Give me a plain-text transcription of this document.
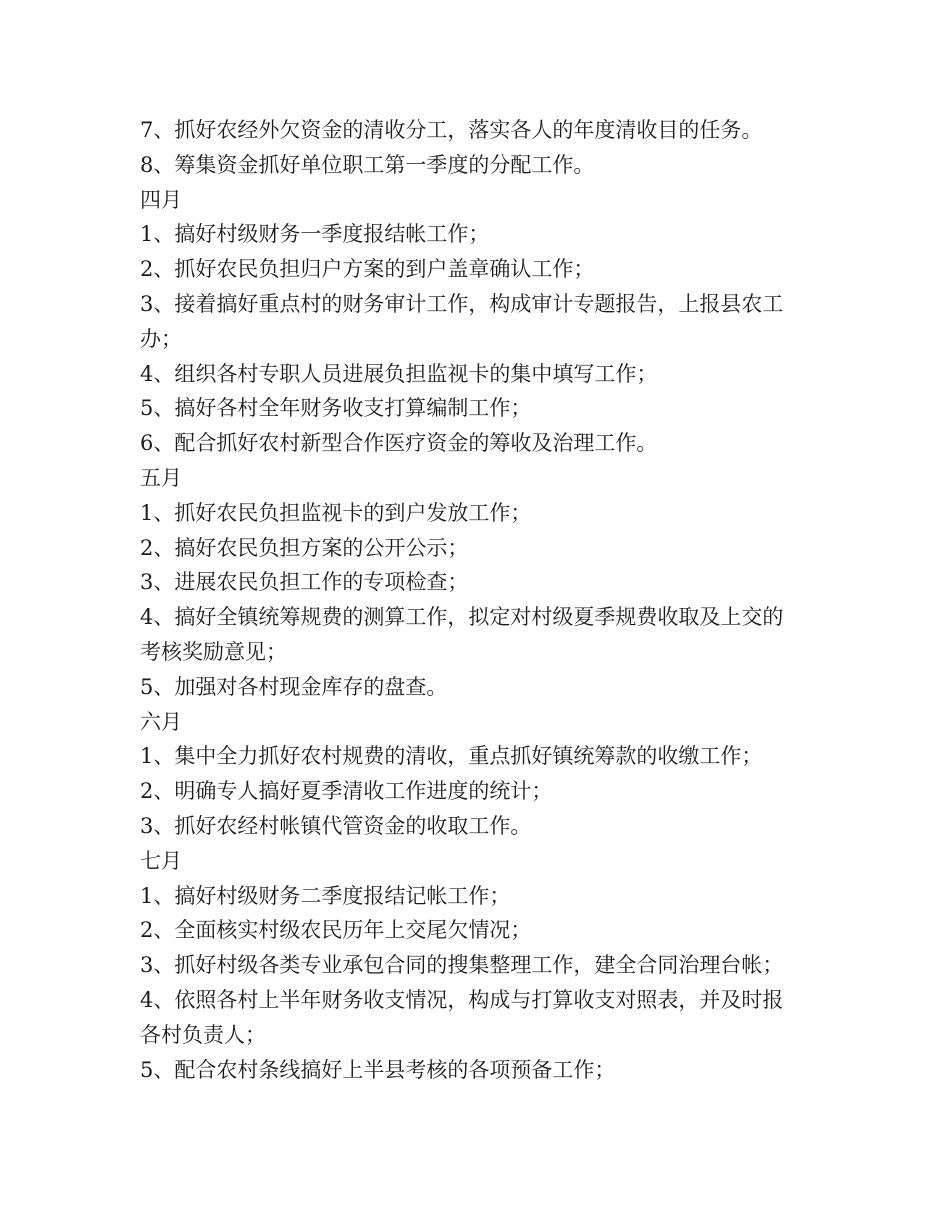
7、抓好农经外欠资金的清收分工，落实各人的年度清收目的任务。

8、筹集资金抓好单位职工第一季度的分配工作。

四月

1、搞好村级财务一季度报结帐工作；

2、抓好农民负担归户方案的到户盖章确认工作；

3、接着搞好重点村的财务审计工作，构成审计专题报告，上报县农工

办；

4、组织各村专职人员进展负担监视卡的集中填写工作；

5、搞好各村全年财务收支打算编制工作；

6、配合抓好农村新型合作医疗资金的筹收及治理工作。

五月

1、抓好农民负担监视卡的到户发放工作；

2、搞好农民负担方案的公开公示；

3、进展农民负担工作的专项检查；

4、搞好全镇统筹规费的测算工作，拟定对村级夏季规费收取及上交的

考核奖励意见；

5、加强对各村现金库存的盘查。

六月

1、集中全力抓好农村规费的清收，重点抓好镇统筹款的收缴工作；

2、明确专人搞好夏季清收工作进度的统计；

3、抓好农经村帐镇代管资金的收取工作。

七月

1、搞好村级财务二季度报结记帐工作；

2、全面核实村级农民历年上交尾欠情况；

3、抓好村级各类专业承包合同的搜集整理工作，建全合同治理台帐；

4、依照各村上半年财务收支情况，构成与打算收支对照表，并及时报

各村负责人；

5、配合农村条线搞好上半县考核的各项预备工作；
